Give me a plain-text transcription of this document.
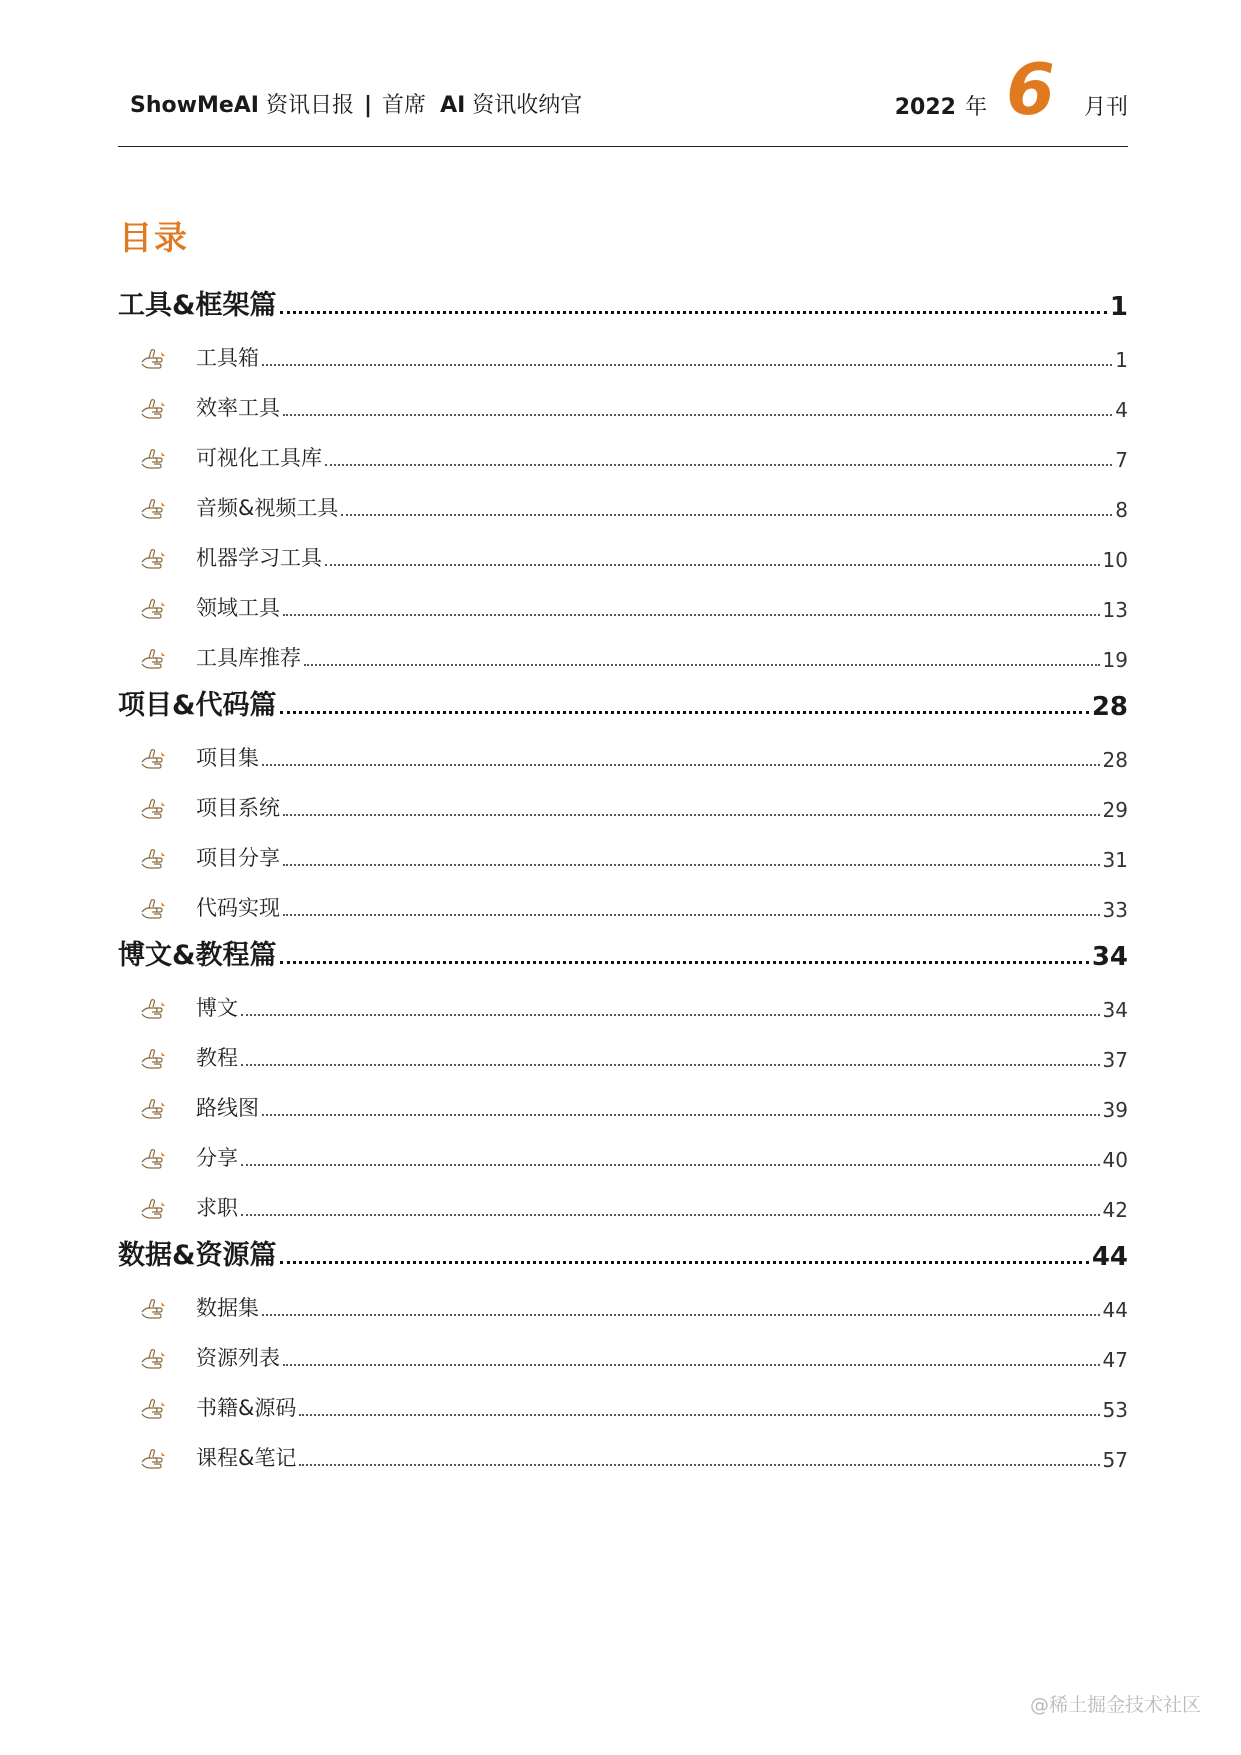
ShowMeAI 资讯日报 | 首席 AI 资讯收纳官	2022 年 6 月刊
目录
工具&框架篇	1
工具箱	1
效率工具	4
可视化工具库	7
音频&视频工具	8
机器学习工具	10
领域工具	13
工具库推荐	19
项目&代码篇	28
项目集	28
项目系统	29
项目分享	31
代码实现	33
博文&教程篇	34
博文	34
教程	37
路线图	39
分享	40
求职	42
数据&资源篇	44
数据集	44
资源列表	47
书籍&源码	53
课程&笔记	57
@稀土掘金技术社区
